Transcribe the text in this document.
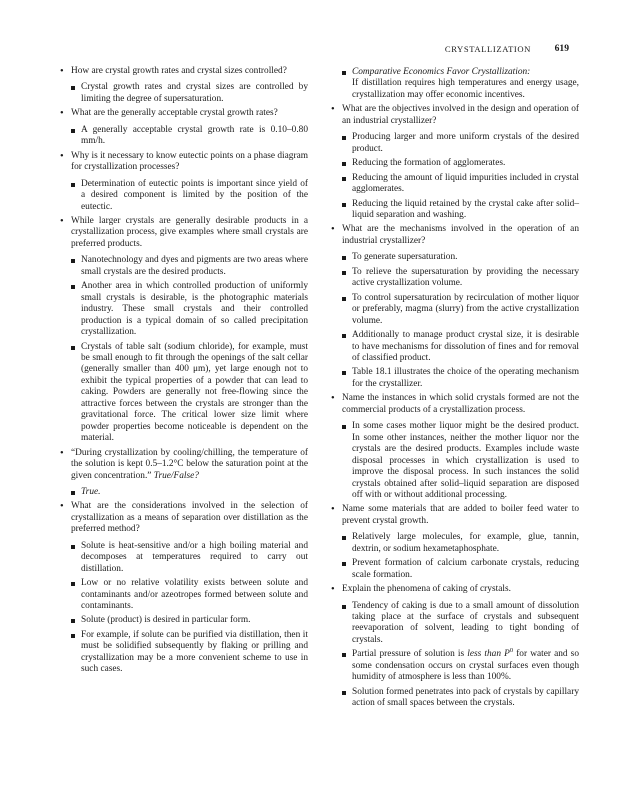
CRYSTALLIZATION 619
• How are crystal growth rates and crystal sizes controlled?
Crystal growth rates and crystal sizes are controlled by limiting the degree of supersaturation.
• What are the generally acceptable crystal growth rates?
A generally acceptable crystal growth rate is 0.10–0.80 mm/h.
• Why is it necessary to know eutectic points on a phase diagram for crystallization processes?
Determination of eutectic points is important since yield of a desired component is limited by the position of the eutectic.
• While larger crystals are generally desirable products in a crystallization process, give examples where small crystals are preferred products.
Nanotechnology and dyes and pigments are two areas where small crystals are the desired products.
Another area in which controlled production of uniformly small crystals is desirable, is the photographic materials industry. These small crystals and their controlled production is a typical domain of so called precipitation crystallization.
Crystals of table salt (sodium chloride), for example, must be small enough to fit through the openings of the salt cellar (generally smaller than 400 μm), yet large enough not to exhibit the typical properties of a powder that can lead to caking. Powders are generally not free-flowing since the attractive forces between the crystals are stronger than the gravitational force. The critical lower size limit where powder properties become noticeable is dependent on the material.
• “During crystallization by cooling/chilling, the temperature of the solution is kept 0.5–1.2°C below the saturation point at the given concentration.” True/False?
True.
• What are the considerations involved in the selection of crystallization as a means of separation over distillation as the preferred method?
Solute is heat-sensitive and/or a high boiling material and decomposes at temperatures required to carry out distillation.
Low or no relative volatility exists between solute and contaminants and/or azeotropes formed between solute and contaminants.
Solute (product) is desired in particular form.
For example, if solute can be purified via distillation, then it must be solidified subsequently by flaking or prilling and crystallization may be a more convenient scheme to use in such cases.
Comparative Economics Favor Crystallization:
If distillation requires high temperatures and energy usage, crystallization may offer economic incentives.
• What are the objectives involved in the design and operation of an industrial crystallizer?
Producing larger and more uniform crystals of the desired product.
Reducing the formation of agglomerates.
Reducing the amount of liquid impurities included in crystal agglomerates.
Reducing the liquid retained by the crystal cake after solid–liquid separation and washing.
• What are the mechanisms involved in the operation of an industrial crystallizer?
To generate supersaturation.
To relieve the supersaturation by providing the necessary active crystallization volume.
To control supersaturation by recirculation of mother liquor or preferably, magma (slurry) from the active crystallization volume.
Additionally to manage product crystal size, it is desirable to have mechanisms for dissolution of fines and for removal of classified product.
Table 18.1 illustrates the choice of the operating mechanism for the crystallizer.
• Name the instances in which solid crystals formed are not the commercial products of a crystallization process.
In some cases mother liquor might be the desired product. In some other instances, neither the mother liquor nor the crystals are the desired products. Examples include waste disposal processes in which crystallization is used to improve the disposal process. In such instances the solid crystals obtained after solid–liquid separation are disposed off with or without additional processing.
• Name some materials that are added to boiler feed water to prevent crystal growth.
Relatively large molecules, for example, glue, tannin, dextrin, or sodium hexametaphosphate.
Prevent formation of calcium carbonate crystals, reducing scale formation.
• Explain the phenomena of caking of crystals.
Tendency of caking is due to a small amount of dissolution taking place at the surface of crystals and subsequent reevaporation of solvent, leading to tight bonding of crystals.
Partial pressure of solution is less than $P^0$ for water and so some condensation occurs on crystal surfaces even though humidity of atmosphere is less than 100%.
Solution formed penetrates into pack of crystals by capillary action of small spaces between the crystals.
